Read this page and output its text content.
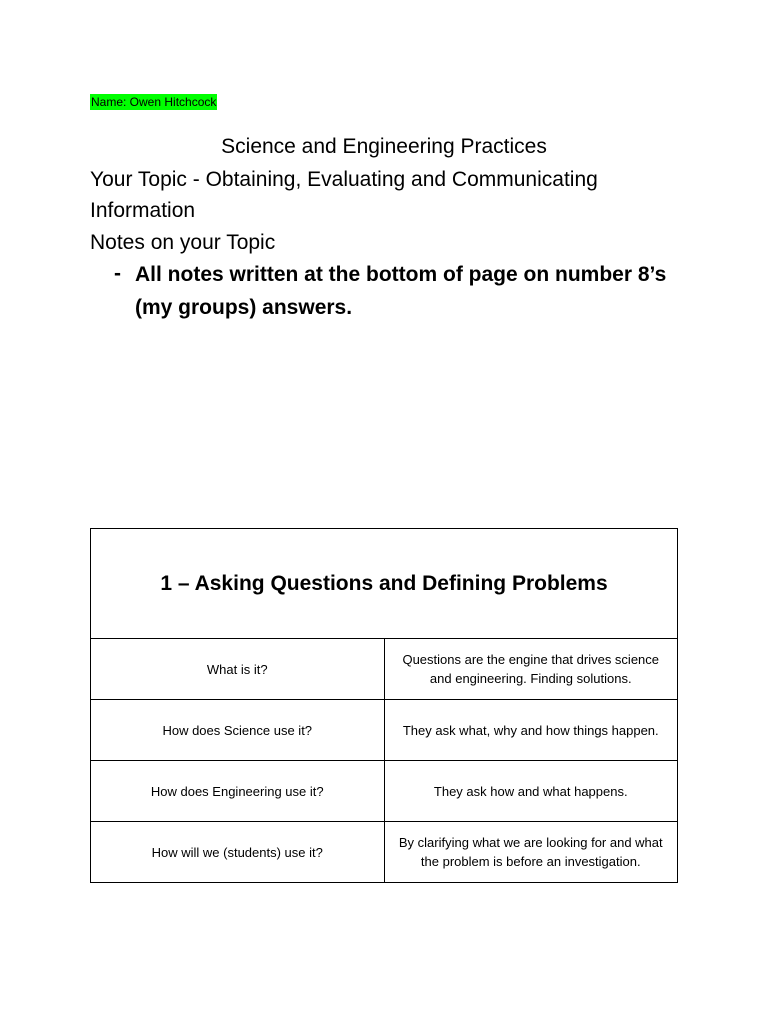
Name: Owen Hitchcock
Science and Engineering Practices
Your Topic - Obtaining, Evaluating and Communicating
Information
Notes on your Topic
- All notes written at the bottom of page on number 8’s (my groups) answers.
1 – Asking Questions and Defining Problems	
What is it?	Questions are the engine that drives science and engineering. Finding solutions.
How does Science use it?	They ask what, why and how things happen.
How does Engineering use it?	They ask how and what happens.
How will we (students) use it?	By clarifying what we are looking for and what the problem is before an investigation.
